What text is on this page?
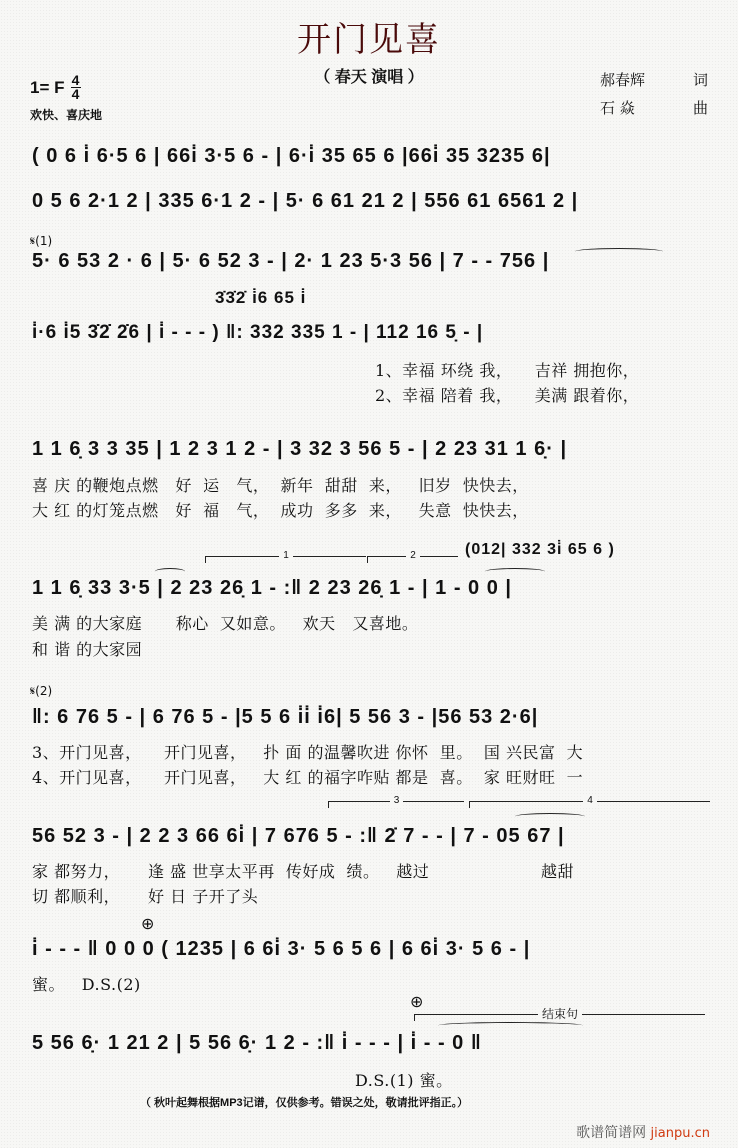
开门见喜
（ 春天 演唱 ）
1= F $\frac{4}{4}$
欢快、喜庆地
郝春辉	词
石 焱	曲
( 0 6 i̇ 6·5 6 | 66i̇ 3·5 6 - | 6·i̇ 35 65 6 |66i̇ 35 3235 6|
0 5 6 2·1 2 | 335 6·1 2 - | 5· 6 61 21 2 | 556 61 6561 2 |
𝄋(1)
5· 6 53 2 · 6 | 5· 6 52 3 - | 2· 1 23 5·3 56 | 7 - - 756 |
3̇3̇2̇ i̇6 65 i̇
i̇·6 i̇5 3̇2̇ 2̇6 | i̇ - - - ) ‖: 332 335 1 - | 112 16 5̣ - |
1、幸福 环绕 我，    吉祥 拥抱你，
2、幸福 陪着 我，    美满 跟着你，
1 1 6̣ 3 3 35 | 1 2 3 1 2 - | 3 32 3 56 5 - | 2 23 31 1 6̣· |
喜 庆 的鞭炮点燃   好  运   气，  新年  甜甜  来，   旧岁  快快去，
大 红 的灯笼点燃   好  福   气，  成功  多多  来，   失意  快快去，
1	2	(012| 332 3i̇ 65 6 )
1 1 6̣ 33 3·5 | 2 23 26̣ 1 - :‖ 2 23 26̣ 1 - | 1 - 0 0 |
美 满 的大家庭      称心  又如意。   欢天   又喜地。
和 谐 的大家园
𝄋(2)
‖: 6 76 5 - | 6 76 5 - |5 5 6 i̇i̇ i̇6| 5 56 3 - |56 53 2·6|
3、开门见喜，    开门见喜，   扑 面 的温馨吹进 你怀  里。  国 兴民富  大
4、开门见喜，    开门见喜，   大 红 的福字咋贴 都是  喜。  家 旺财旺  一
3	4
56 52 3 - | 2 2 3 66 6i̇ | 7 676 5 - :‖ 2̇ 7 - - | 7 - 05 67 |
家 都努力，     逢 盛 世享太平再  传好成  绩。   越过                    越甜
切 都顺利，     好 日 子开了头
⊕
i̇ - - - ‖ 0 0 0 ( 1235 | 6 6i̇ 3· 5 6 5 6 | 6 6i̇ 3· 5 6 - |
蜜。   D.S.(2)
⊕
结束句
5 56 6̣· 1 21 2 | 5 56 6̣· 1 2 - :‖ i̇ - - - | i̇ - - 0 ‖
D.S.(1) 蜜。
（ 秋叶起舞根据MP3记谱，仅供参考。错误之处，敬请批评指正。）
歌谱简谱网 jianpu.cn
